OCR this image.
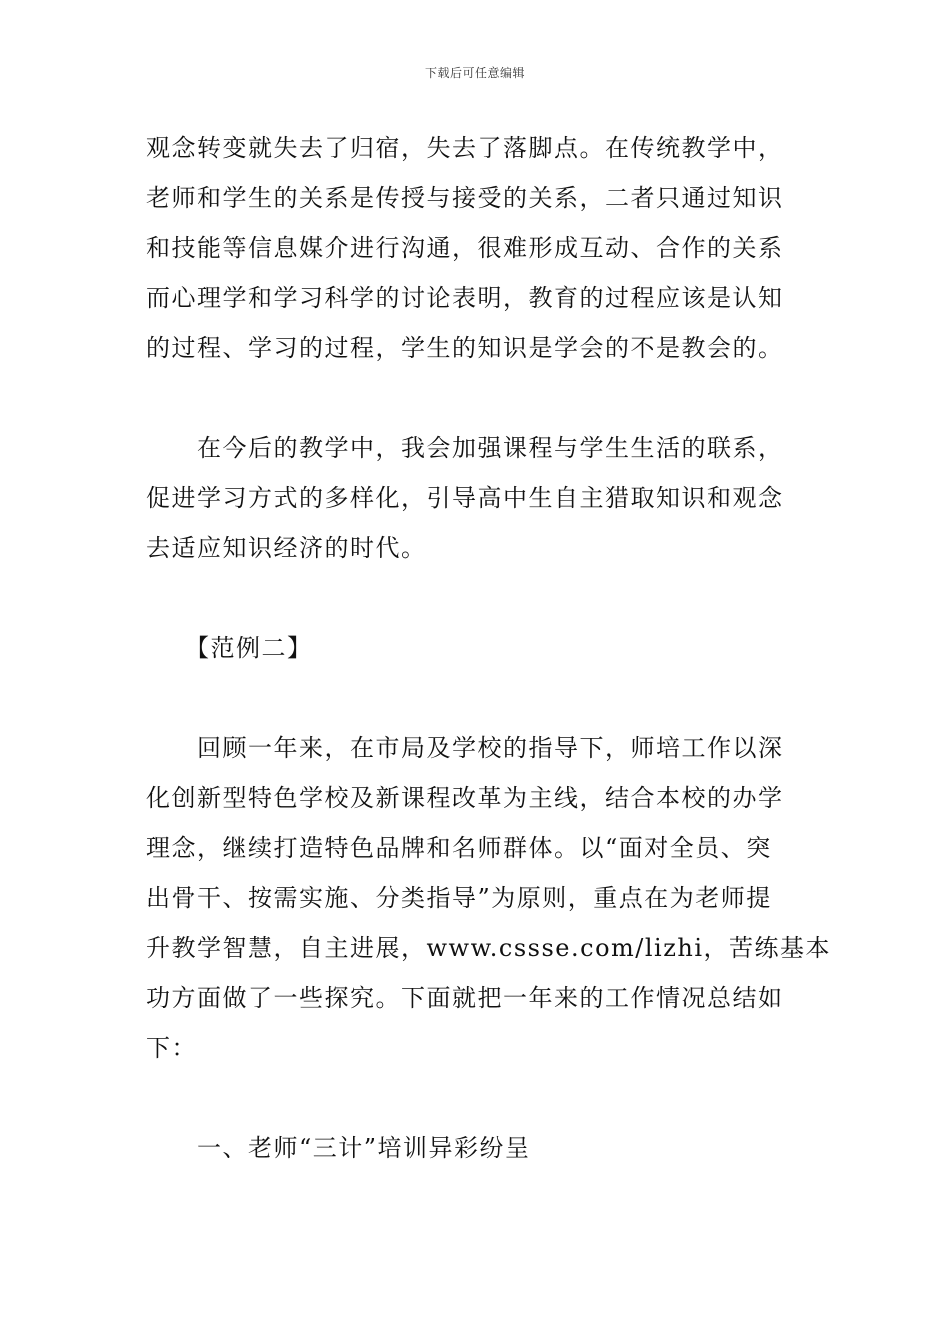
下载后可任意编辑
观念转变就失去了归宿，失去了落脚点。在传统教学中，
老师和学生的关系是传授与接受的关系，二者只通过知识
和技能等信息媒介进行沟通，很难形成互动、合作的关系
而心理学和学习科学的讨论表明，教育的过程应该是认知
的过程、学习的过程，学生的知识是学会的不是教会的。
　　在今后的教学中，我会加强课程与学生生活的联系，
促进学习方式的多样化，引导高中生自主猎取知识和观念
去适应知识经济的时代。
　　【范例二】
　　回顾一年来，在市局及学校的指导下，师培工作以深
化创新型特色学校及新课程改革为主线，结合本校的办学
理念，继续打造特色品牌和名师群体。以“面对全员、突
出骨干、按需实施、分类指导”为原则，重点在为老师提
升教学智慧，自主进展，www.cssse.com/lizhi，苦练基本
功方面做了一些探究。下面就把一年来的工作情况总结如
下：
　　一、老师“三计”培训异彩纷呈
